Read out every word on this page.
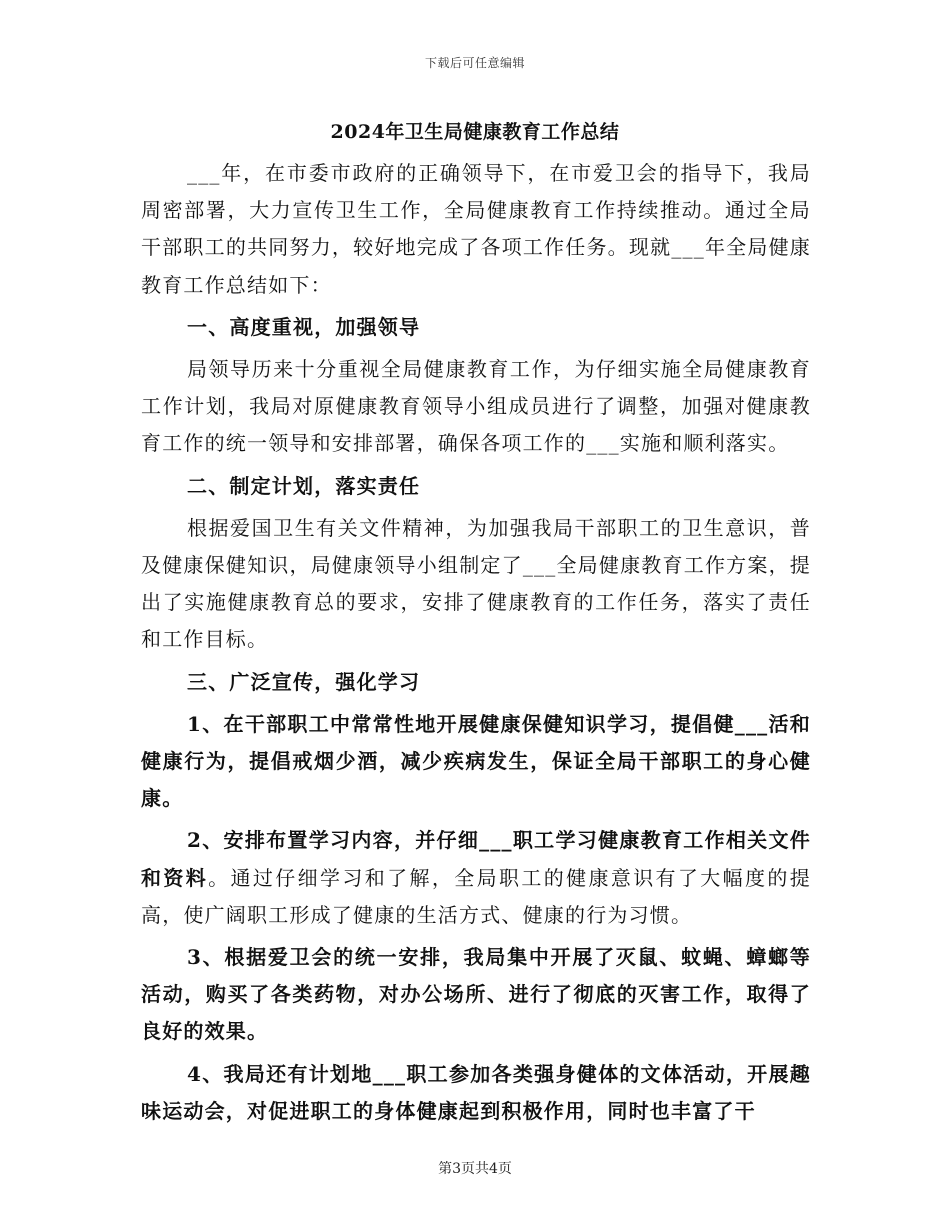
下载后可任意编辑
2024年卫生局健康教育工作总结

___年，在市委市政府的正确领导下，在市爱卫会的指导下，我局周密部署，大力宣传卫生工作，全局健康教育工作持续推动。通过全局干部职工的共同努力，较好地完成了各项工作任务。现就___年全局健康教育工作总结如下：

一、高度重视，加强领导

局领导历来十分重视全局健康教育工作，为仔细实施全局健康教育工作计划，我局对原健康教育领导小组成员进行了调整，加强对健康教育工作的统一领导和安排部署，确保各项工作的___实施和顺利落实。

二、制定计划，落实责任

根据爱国卫生有关文件精神，为加强我局干部职工的卫生意识，普及健康保健知识，局健康领导小组制定了___全局健康教育工作方案，提出了实施健康教育总的要求，安排了健康教育的工作任务，落实了责任和工作目标。

三、广泛宣传，强化学习

1、在干部职工中常常性地开展健康保健知识学习，提倡健___活和健康行为，提倡戒烟少酒，减少疾病发生，保证全局干部职工的身心健康。

2、安排布置学习内容，并仔细___职工学习健康教育工作相关文件和资料。通过仔细学习和了解，全局职工的健康意识有了大幅度的提高，使广阔职工形成了健康的生活方式、健康的行为习惯。

3、根据爱卫会的统一安排，我局集中开展了灭鼠、蚊蝇、蟑螂等活动，购买了各类药物，对办公场所、进行了彻底的灭害工作，取得了良好的效果。

4、我局还有计划地___职工参加各类强身健体的文体活动，开展趣味运动会，对促进职工的身体健康起到积极作用，同时也丰富了干

第3页共4页
